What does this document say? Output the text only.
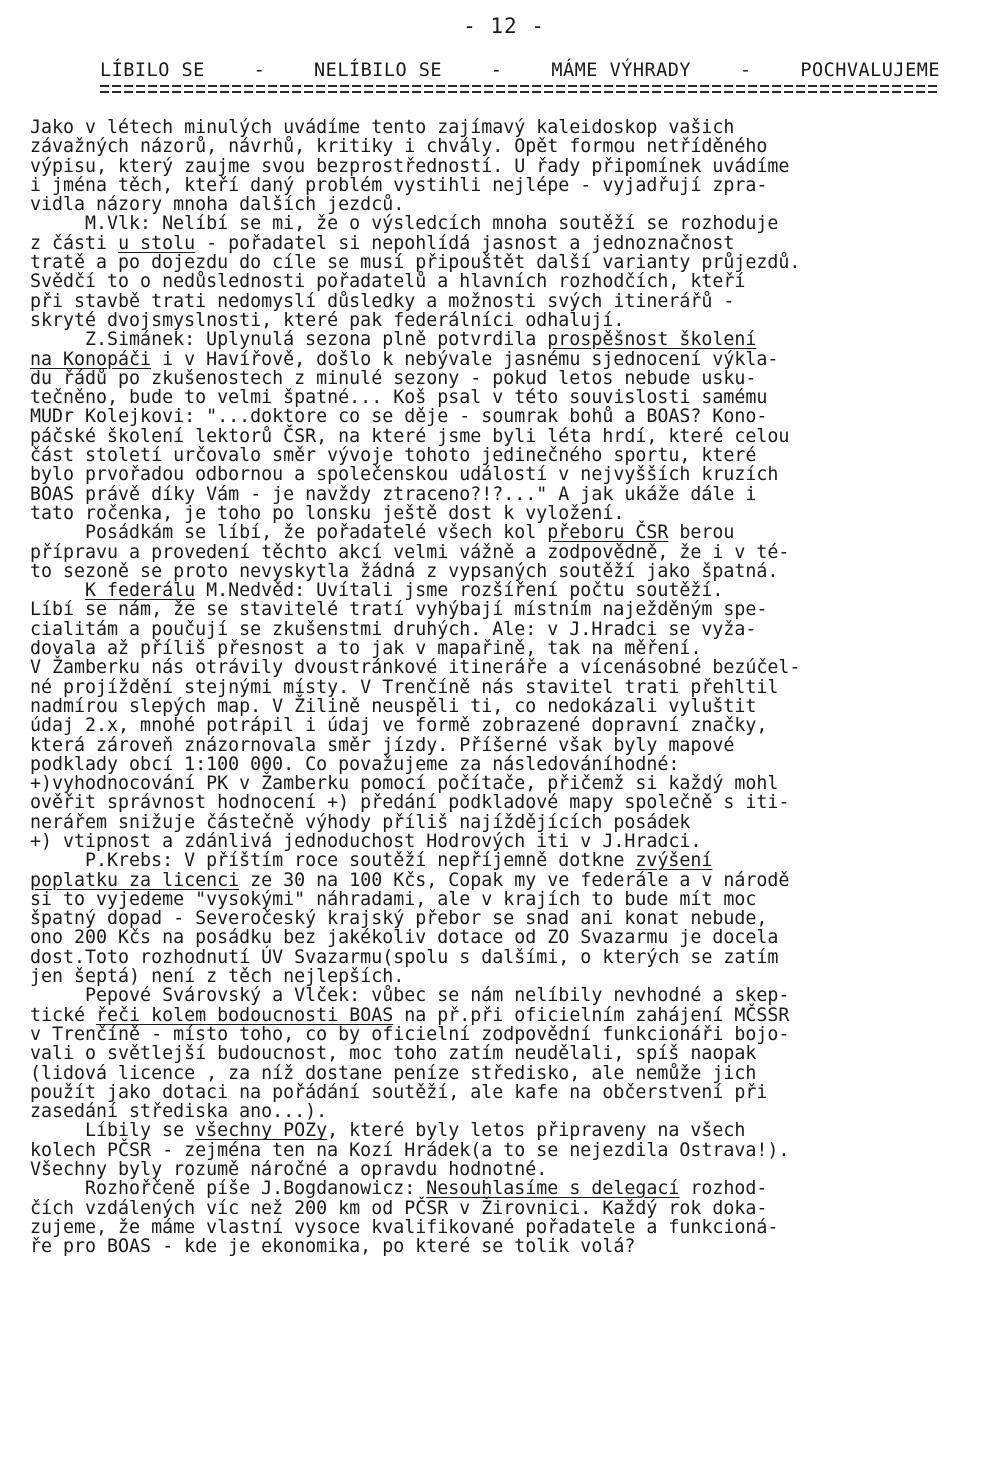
- 12 -
LÍBILO SE	-	NELÍBILO SE	-	MÁME VÝHRADY	-	POCHVALUJEME
Jako v létech minulých uvádíme tento zajímavý kaleidoskop vašich
závažných názorů, návrhů, kritiky i chvály. Opět formou netříděného
výpisu, který zaujme svou bezprostředností. U řady připomínek uvádíme
i jména těch, kteří daný problém vystihli nejlépe - vyjadřují zpra-
vidla názory mnoha dalších jezdců.
M.Vlk: Nelíbí se mi, že o výsledcích mnoha soutěží se rozhoduje
z části u stolu - pořadatel si nepohlídá jasnost a jednoznačnost
tratě a po dojezdu do cíle se musí připouštět další varianty průjezdů.
Svědčí to o nedůslednosti pořadatelů a hlavních rozhodčích, kteří
při stavbě trati nedomyslí důsledky a možnosti svých itinerářů -
skryté dvojsmyslnosti, které pak federálníci odhalují.
Z.Simánek: Uplynulá sezona plně potvrdila prospěšnost školení
na Konopáči i v Havířově, došlo k nebývale jasnému sjednocení výkla-
du řádů po zkušenostech z minulé sezony - pokud letos nebude usku-
tečněno, bude to velmi špatné... Koš psal v této souvislosti samému
MUDr Kolejkovi: "...doktore co se děje - soumrak bohů a BOAS? Kono-
páčské školení lektorů ČSR, na které jsme byli léta hrdí, které celou
část století určovalo směr vývoje tohoto jedinečného sportu, které
bylo prvořadou odbornou a společenskou událostí v nejvyšších kruzích
BOAS právě díky Vám - je navždy ztraceno?!?..." A jak ukáže dále i
tato ročenka, je toho po lonsku ještě dost k vyložení.
Posádkám se líbí, že pořadatelé všech kol přeboru ČSR berou
přípravu a provedení těchto akcí velmi vážně a zodpovědně, že i v té-
to sezoně se proto nevyskytla žádná z vypsaných soutěží jako špatná.
K federálu M.Nedvěd: Uvítali jsme rozšíření počtu soutěží.
Líbí se nám, že se stavitelé tratí vyhýbají místním naježděným spe-
cialitám a poučují se zkušenstmi druhých. Ale: v J.Hradci se vyža-
dovala až příliš přesnost a to jak v mapařině, tak na měření.
V Žamberku nás otrávily dvoustránkové itineráře a vícenásobné bezúčel-
né projíždění stejnými místy. V Trenčíně nás stavitel trati přehltil
nadmírou slepých map. V Žilině neuspěli ti, co nedokázali vyluštit
údaj 2.x, mnohé potrápil i údaj ve formě zobrazené dopravní značky,
která zároveň znázornovala směr jízdy. Příšerné však byly mapové
podklady obcí 1:100 000. Co považujeme za následováníhodné:
+)vyhodnocování PK v Žamberku pomocí počítače, přičemž si každý mohl
ověřit správnost hodnocení +) předání podkladové mapy společně s iti-
nerářem snižuje částečně výhody příliš najíždějících posádek
+) vtipnost a zdánlivá jednoduchost Hodrových iti v J.Hradci.
P.Krebs: V příštím roce soutěží nepříjemně dotkne zvýšení
poplatku za licenci ze 30 na 100 Kčs, Copak my ve federále a v národě
si to vyjedeme "vysokými" náhradami, ale v krajích to bude mít moc
špatný dopad - Severočeský krajský přebor se snad ani konat nebude,
ono 200 Kčs na posádku bez jakékoliv dotace od ZO Svazarmu je docela
dost.Toto rozhodnutí ÚV Svazarmu(spolu s dalšími, o kterých se zatím
jen šeptá) není z těch nejlepších.
Pepové Svárovský a Vlček: vůbec se nám nelíbily nevhodné a skep-
tické řeči kolem bodoucnosti BOAS na př.při oficielním zahájení MČSSR
v Trenčíně - místo toho, co by oficielní zodpovědní funkcionáři bojo-
vali o světlejší budoucnost, moc toho zatím neudělali, spíš naopak
(lidová licence , za níž dostane peníze středisko, ale nemůže jich
použít jako dotaci na pořádání soutěží, ale kafe na občerstvení při
zasedání střediska ano...).
Líbily se všechny POZy, které byly letos připraveny na všech
kolech PČSR - zejména ten na Kozí Hrádek(a to se nejezdila Ostrava!).
Všechny byly rozumě náročné a opravdu hodnotné.
Rozhořčeně píše J.Bogdanowicz: Nesouhlasíme s delegací rozhod-
čích vzdálených víc než 200 km od PČSR v Žirovnici. Každý rok doka-
zujeme, že máme vlastní vysoce kvalifikované pořadatele a funkcioná-
ře pro BOAS - kde je ekonomika, po které se tolik volá?
